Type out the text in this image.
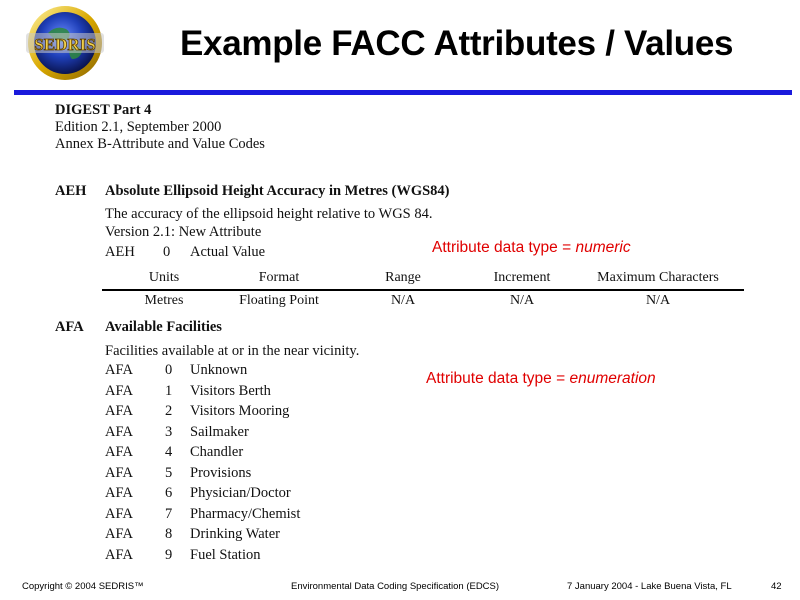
SEDRIS Example FACC Attributes / Values
DIGEST Part 4
Edition 2.1, September 2000
Annex B-Attribute and Value Codes
AEH Absolute Ellipsoid Height Accuracy in Metres (WGS84)
The accuracy of the ellipsoid height relative to WGS 84.
Version 2.1: New Attribute
AEH 0 Actual Value	Attribute data type = numeric
Units	Format	Range	Increment	Maximum Characters
Metres	Floating Point	N/A	N/A	N/A
AFA Available Facilities
Facilities available at or in the near vicinity.
Attribute data type = enumeration
AFA 0 Unknown
AFA 1 Visitors Berth
AFA 2 Visitors Mooring
AFA 3 Sailmaker
AFA 4 Chandler
AFA 5 Provisions
AFA 6 Physician/Doctor
AFA 7 Pharmacy/Chemist
AFA 8 Drinking Water
AFA 9 Fuel Station
Copyright © 2004 SEDRIS™	Environmental Data Coding Specification (EDCS)	7 January 2004 - Lake Buena Vista, FL	42
